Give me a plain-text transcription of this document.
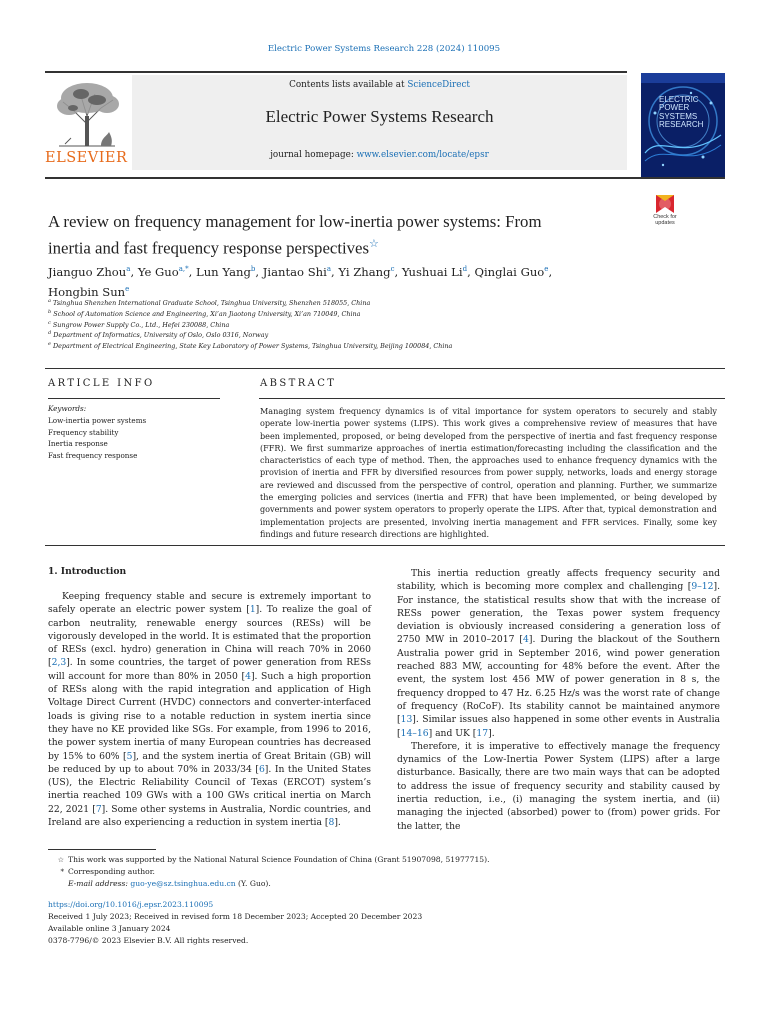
Electric Power Systems Research 228 (2024) 110095
ELSEVIER
Contents lists available at ScienceDirect
Electric Power Systems Research
journal homepage: www.elsevier.com/locate/epsr
ELECTRIC
POWER
SYSTEMS
RESEARCH
Check for
updates
A review on frequency management for low-inertia power systems: From
inertia and fast frequency response perspectives☆
Jianguo Zhou$^a$, Ye Guo$^{a,*}$, Lun Yang$^b$, Jiantao Shi$^a$, Yi Zhang$^c$, Yushuai Li$^d$, Qinglai Guo$^e$,
Hongbin Sun$^e$
$^a$ Tsinghua Shenzhen International Graduate School, Tsinghua University, Shenzhen 518055, China
$^b$ School of Automation Science and Engineering, Xi’an Jiaotong University, Xi’an 710049, China
$^c$ Sungrow Power Supply Co., Ltd., Hefei 230088, China
$^d$ Department of Informatics, University of Oslo, Oslo 0316, Norway
$^e$ Department of Electrical Engineering, State Key Laboratory of Power Systems, Tsinghua University, Beijing 100084, China
ARTICLE INFO	ABSTRACT
Keywords:
Low-inertia power systems
Frequency stability
Inertia response
Fast frequency response
Managing system frequency dynamics is of vital importance for system operators to securely and stably operate low-inertia power systems (LIPS). This work gives a comprehensive review of measures that have been implemented, proposed, or being developed from the perspective of inertia and fast frequency response (FFR). We first summarize approaches of inertia estimation/forecasting including the classification and the characteristics of each type of method. Then, the approaches used to enhance frequency dynamics with the provision of inertia and FFR by diversified resources from power supply, networks, loads and energy storage are reviewed and discussed from the perspective of control, operation and planning. Further, we summarize the emerging policies and services (inertia and FFR) that have been implemented, or being developed by governments and power system operators to properly operate the LIPS. After that, typical demonstration and implementation projects are presented, involving inertia management and FFR services. Finally, some key findings and future research directions are highlighted.
1. Introduction

Keeping frequency stable and secure is extremely important to safely operate an electric power system [1]. To realize the goal of carbon neutrality, renewable energy sources (RESs) will be vigorously developed in the world. It is estimated that the proportion of RESs (excl. hydro) generation in China will reach 70% in 2060 [2,3]. In some countries, the target of power generation from RESs will account for more than 80% in 2050 [4]. Such a high proportion of RESs along with the rapid integration and application of High Voltage Direct Current (HVDC) connectors and converter-interfaced loads is giving rise to a notable reduction in system inertia since they have no KE provided like SGs. For example, from 1996 to 2016, the power system inertia of many European countries has decreased by 15% to 60% [5], and the system inertia of Great Britain (GB) will be reduced by up to about 70% in 2033/34 [6]. In the United States (US), the Electric Reliability Council of Texas (ERCOT) system’s inertia reached 109 GWs with a 100 GWs critical inertia on March 22, 2021 [7]. Some other systems in Australia, Nordic countries, and Ireland are also experiencing a reduction in system inertia [8].

This inertia reduction greatly affects frequency security and stability, which is becoming more complex and challenging [9–12]. For instance, the statistical results show that with the increase of RESs power generation, the Texas power system frequency deviation is obviously increased considering a generation loss of 2750 MW in 2010–2017 [4]. During the blackout of the Southern Australia power grid in September 2016, wind power generation reached 883 MW, accounting for 48% before the event. After the event, the system lost 456 MW of power generation in 8 s, the frequency dropped to 47 Hz. 6.25 Hz/s was the worst rate of change of frequency (RoCoF). Its stability cannot be maintained anymore [13]. Similar issues also happened in some other events in Australia [14–16] and UK [17].

Therefore, it is imperative to effectively manage the frequency dynamics of the Low-Inertia Power System (LIPS) after a large disturbance. Basically, there are two main ways that can be adopted to address the issue of frequency security and stability caused by inertia reduction, i.e., (i) managing the system inertia, and (ii) managing the injected (absorbed) power to (from) power grids. For the latter, the

☆ This work was supported by the National Natural Science Foundation of China (Grant 51907098, 51977715).
* Corresponding author.
E-mail address: guo-ye@sz.tsinghua.edu.cn (Y. Guo).
https://doi.org/10.1016/j.epsr.2023.110095
Received 1 July 2023; Received in revised form 18 December 2023; Accepted 20 December 2023
Available online 3 January 2024
0378-7796/© 2023 Elsevier B.V. All rights reserved.
